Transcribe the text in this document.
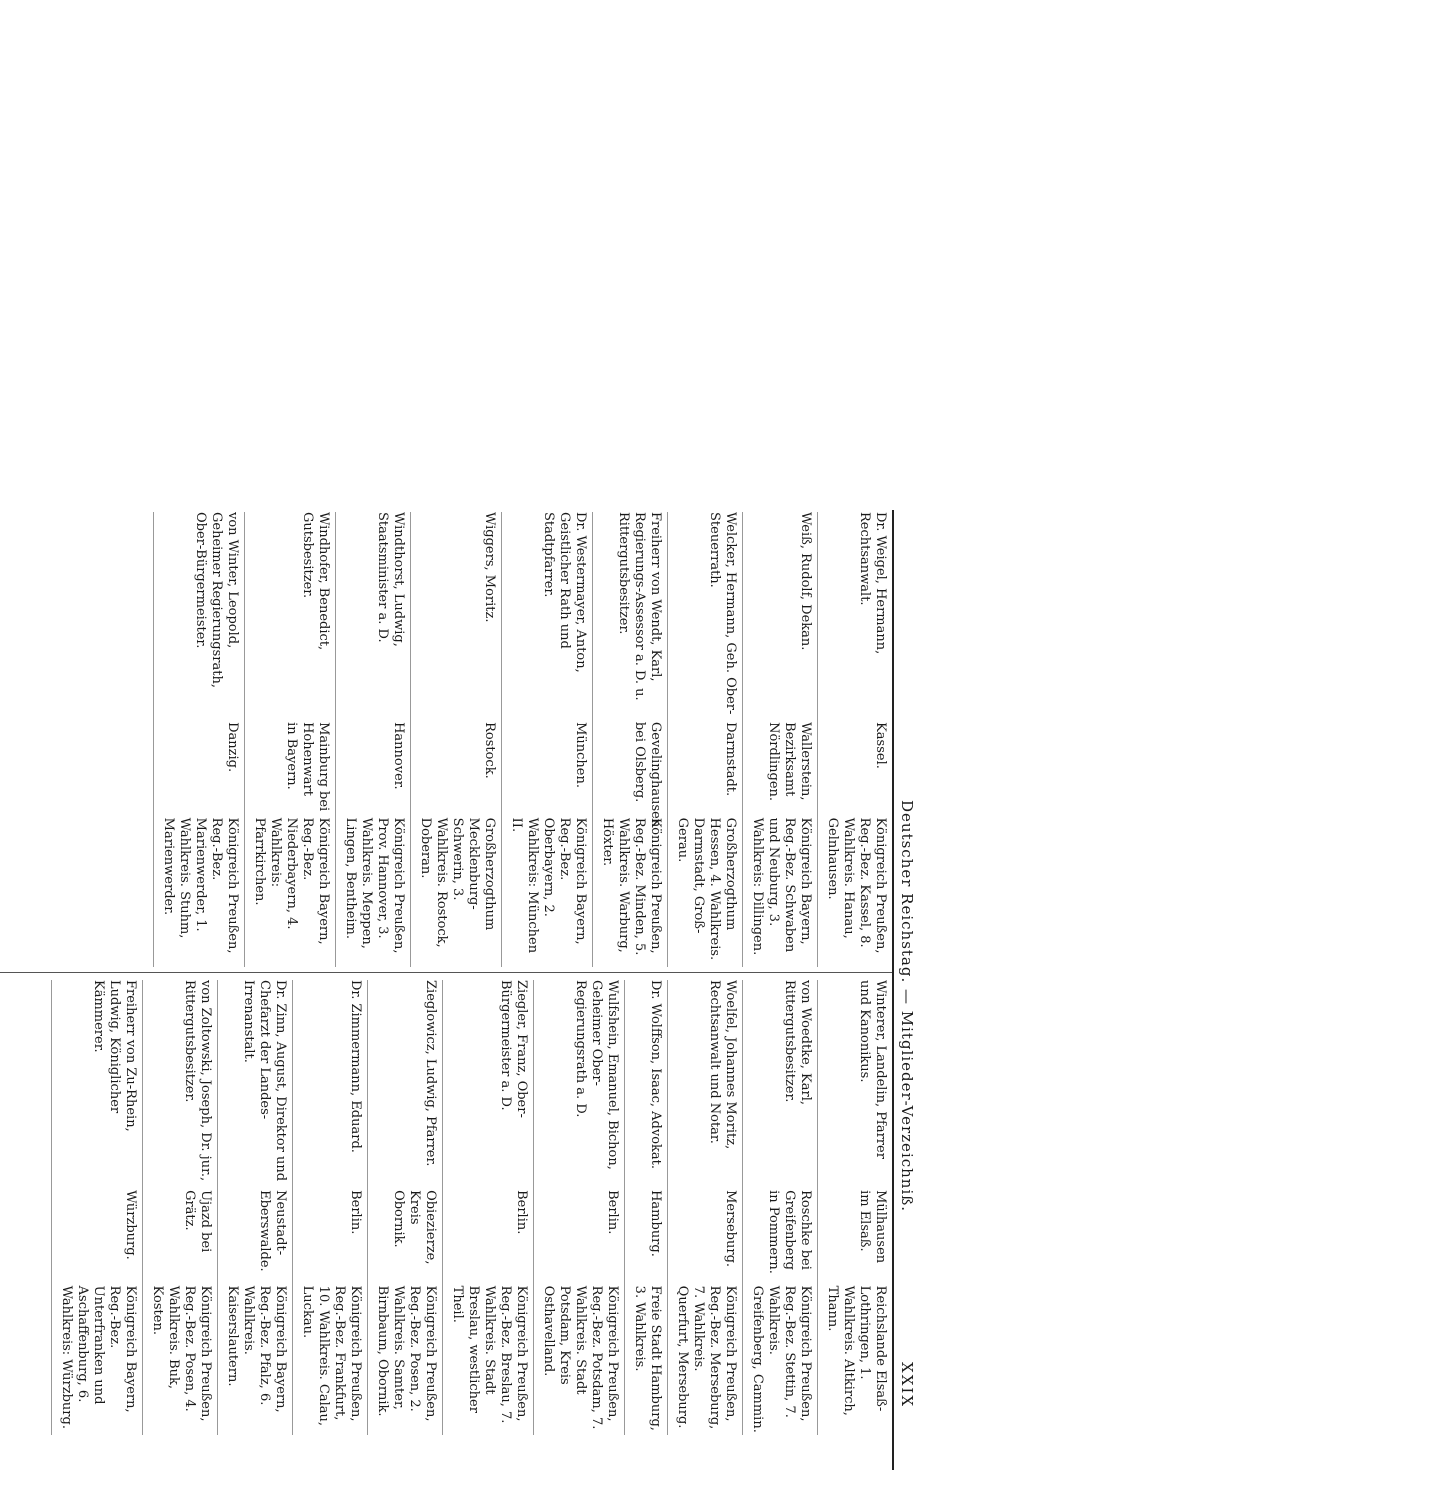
Deutscher Reichstag. — Mitglieder-Verzeichniß.
XXIX
Dr. Weigel, Hermann, Rechtsanwalt.
Kassel.
Königreich Preußen, Reg.-Bez. Kassel, 8. Wahlkreis. Hanau, Gelnhausen.
Weiß, Rudolf, Dekan.
Wallerstein, Bezirksamt Nördlingen.
Königreich Bayern, Reg.-Bez. Schwaben und Neuburg, 3. Wahlkreis: Dillingen.
Welcker, Hermann, Geh. Ober-Steuerrath.
Darmstadt.
Großherzogthum Hessen, 4. Wahlkreis. Darmstadt, Groß-Gerau.
Freiherr von Wendt, Karl, Regierungs-Assessor a. D. u. Rittergutsbesitzer.
Gevelinghausen bei Olsberg.
Königreich Preußen, Reg.-Bez. Minden, 5. Wahlkreis. Warburg, Höxter.
Dr. Westermayer, Anton, Geistlicher Rath und Stadtpfarrer.
München.
Königreich Bayern, Reg.-Bez. Oberbayern, 2. Wahlkreis: München II.
Wiggers, Moritz.
Rostock.
Großherzogthum Mecklenburg-Schwerin, 3. Wahlkreis. Rostock, Doberan.
Windthorst, Ludwig, Staatsminister a. D.
Hannover.
Königreich Preußen, Prov. Hannover, 3. Wahlkreis. Meppen, Lingen, Bentheim.
Windhofer, Benedict, Gutsbesitzer.
Mainburg bei Hohenwart in Bayern.
Königreich Bayern, Reg.-Bez. Niederbayern, 4. Wahlkreis: Pfarrkirchen.
von Winter, Leopold, Geheimer Regierungsrath, Ober-Bürgermeister.
Danzig.
Königreich Preußen, Reg.-Bez. Marienwerder, 1. Wahlkreis. Stuhm, Marienwerder.
Winterer, Landelin, Pfarrer und Kanonikus.
Mülhausen im Elsaß.
Reichslande Elsaß-Lothringen, 1. Wahlkreis. Altkirch, Thann.
von Woedtke, Karl, Rittergutsbesitzer.
Roschke bei Greifenberg in Pommern.
Königreich Preußen, Reg.-Bez. Stettin, 7. Wahlkreis. Greifenberg, Cammin.
Woelfel, Johannes Moritz, Rechtsanwalt und Notar.
Merseburg.
Königreich Preußen, Reg.-Bez. Merseburg, 7. Wahlkreis. Querfurt, Merseburg.
Dr. Wolffson, Isaac, Advokat.
Hamburg.
Freie Stadt Hamburg, 3. Wahlkreis.
Wulfshein, Emanuel, Bichon, Geheimer Ober-Regierungsrath a. D.
Berlin.
Königreich Preußen, Reg.-Bez. Potsdam, 7. Wahlkreis. Stadt Potsdam, Kreis Osthavelland.
Ziegler, Franz, Ober-Bürgermeister a. D.
Berlin.
Königreich Preußen, Reg.-Bez. Breslau, 7. Wahlkreis. Stadt Breslau, westlicher Theil.
Zieglowicz, Ludwig, Pfarrer.
Obiezierze, Kreis Obornik.
Königreich Preußen, Reg.-Bez. Posen, 2. Wahlkreis. Samter, Birnbaum, Obornik.
Dr. Zimmermann, Eduard.
Berlin.
Königreich Preußen, Reg.-Bez. Frankfurt, 10. Wahlkreis. Calau, Luckau.
Dr. Zinn, August, Direktor und Chefarzt der Landes-Irrenanstalt.
Neustadt-Eberswalde.
Königreich Bayern, Reg.-Bez. Pfalz, 6. Wahlkreis. Kaiserslautern.
von Zoltowski, Joseph, Dr. jur., Rittergutsbesitzer.
Ujazd bei Grätz.
Königreich Preußen, Reg.-Bez. Posen, 4. Wahlkreis. Buk, Kosten.
Freiherr von Zu-Rhein, Ludwig, Königlicher Kämmerer.
Würzburg.
Königreich Bayern, Reg.-Bez. Unterfranken und Aschaffenburg, 6. Wahlkreis: Würzburg.
